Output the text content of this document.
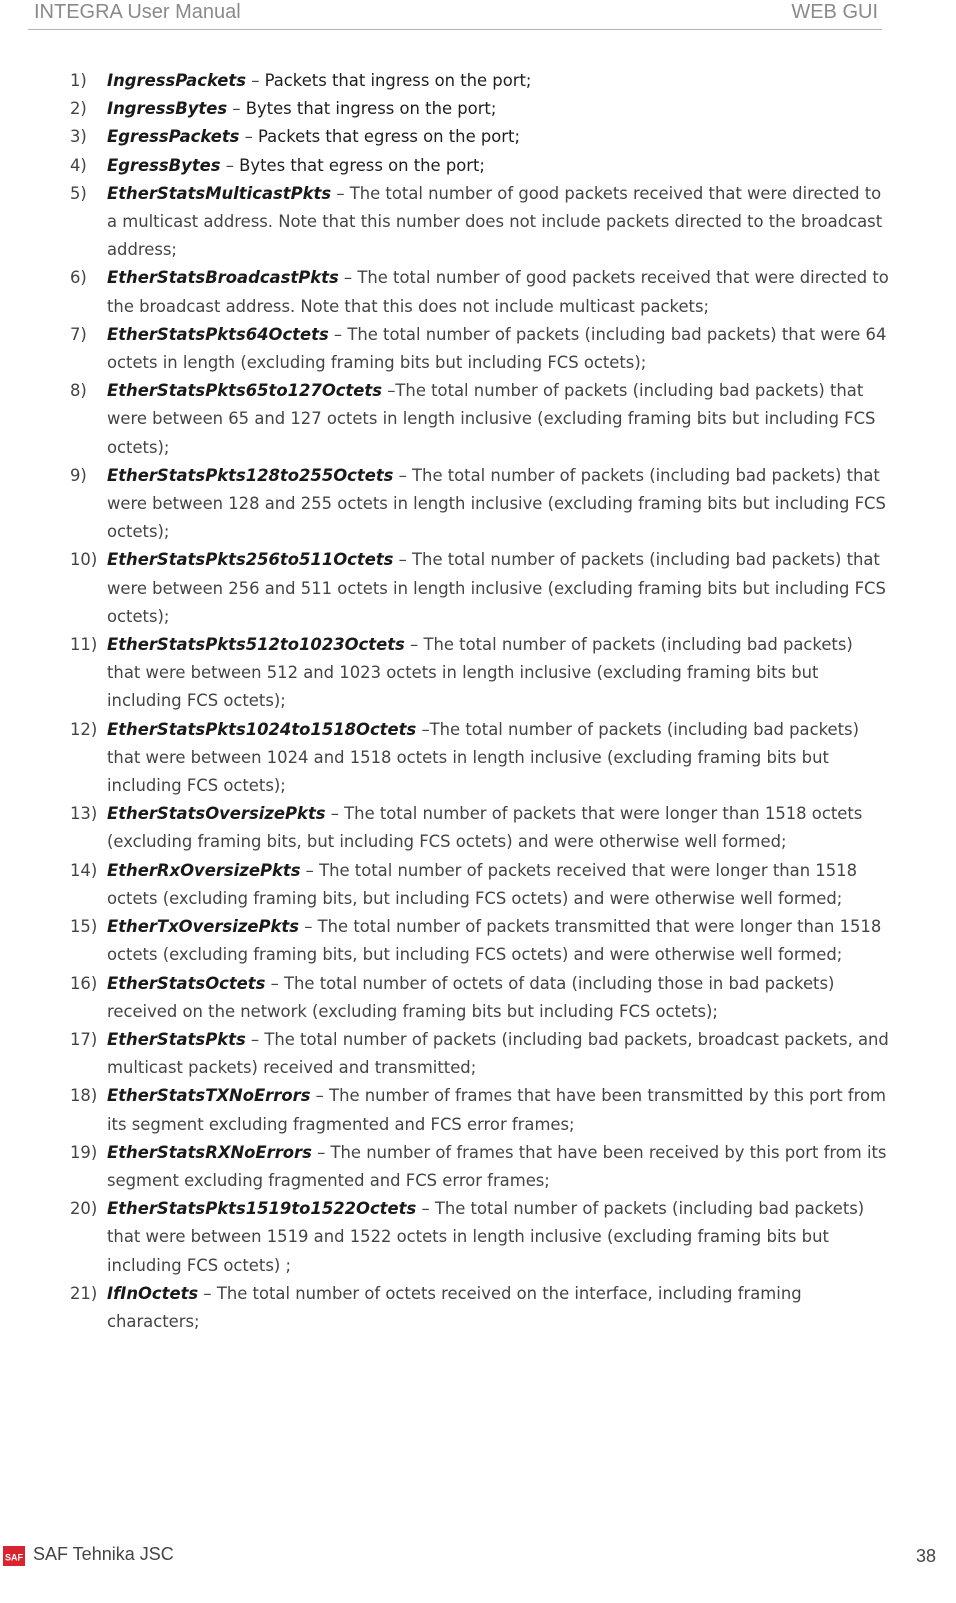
INTEGRA User Manual	WEB GUI
1) IngressPackets – Packets that ingress on the port;
2) IngressBytes – Bytes that ingress on the port;
3) EgressPackets – Packets that egress on the port;
4) EgressBytes – Bytes that egress on the port;
5) EtherStatsMulticastPkts – The total number of good packets received that were directed to a multicast address. Note that this number does not include packets directed to the broadcast address;
6) EtherStatsBroadcastPkts – The total number of good packets received that were directed to the broadcast address. Note that this does not include multicast packets;
7) EtherStatsPkts64Octets – The total number of packets (including bad packets) that were 64 octets in length (excluding framing bits but including FCS octets);
8) EtherStatsPkts65to127Octets –The total number of packets (including bad packets) that were between 65 and 127 octets in length inclusive (excluding framing bits but including FCS octets);
9) EtherStatsPkts128to255Octets – The total number of packets (including bad packets) that were between 128 and 255 octets in length inclusive (excluding framing bits but including FCS octets);
10) EtherStatsPkts256to511Octets – The total number of packets (including bad packets) that were between 256 and 511 octets in length inclusive (excluding framing bits but including FCS octets);
11) EtherStatsPkts512to1023Octets – The total number of packets (including bad packets) that were between 512 and 1023 octets in length inclusive (excluding framing bits but including FCS octets);
12) EtherStatsPkts1024to1518Octets –The total number of packets (including bad packets) that were between 1024 and 1518 octets in length inclusive (excluding framing bits but including FCS octets);
13) EtherStatsOversizePkts – The total number of packets that were longer than 1518 octets (excluding framing bits, but including FCS octets) and were otherwise well formed;
14) EtherRxOversizePkts – The total number of packets received that were longer than 1518 octets (excluding framing bits, but including FCS octets) and were otherwise well formed;
15) EtherTxOversizePkts – The total number of packets transmitted that were longer than 1518 octets (excluding framing bits, but including FCS octets) and were otherwise well formed;
16) EtherStatsOctets – The total number of octets of data (including those in bad packets) received on the network (excluding framing bits but including FCS octets);
17) EtherStatsPkts – The total number of packets (including bad packets, broadcast packets, and multicast packets) received and transmitted;
18) EtherStatsTXNoErrors – The number of frames that have been transmitted by this port from its segment excluding fragmented and FCS error frames;
19) EtherStatsRXNoErrors – The number of frames that have been received by this port from its segment excluding fragmented and FCS error frames;
20) EtherStatsPkts1519to1522Octets – The total number of packets (including bad packets) that were between 1519 and 1522 octets in length inclusive (excluding framing bits but including FCS octets) ;
21) IfInOctets – The total number of octets received on the interface, including framing characters;
SAF SAF Tehnika JSC	38
